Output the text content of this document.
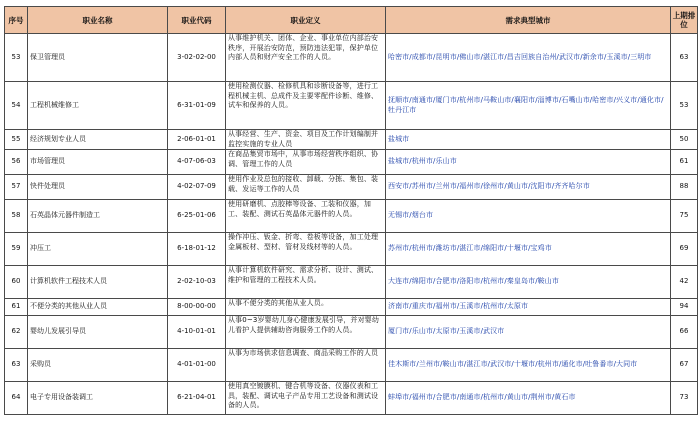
序号	职业名称	职业代码	职业定义	需求典型城市	上期排位
53	保卫管理员	3-02-02-00	从事维护机关、团体、企业、事业单位内部治安秩序，开展治安防范，预防违法犯罪，保护单位内部人员和财产安全工作的人员。	哈密市/成都市/昆明市/佛山市/湛江市/昌吉回族自治州/武汉市/新余市/玉溪市/三明市	63
54	工程机械维修工	6-31-01-09	使用检测仪器、检修机具和诊断设备等，进行工程机械主机、总成件及主要零配件诊断、维修、试车和保养的人员。	抚顺市/南通市/厦门市/杭州市/马鞍山市/襄阳市/淄博市/石嘴山市/哈密市/兴义市/通化市/牡丹江市	53
55	经济规划专业人员	2-06-01-01	从事经营、生产、资金、项目及工作计划编制并监控实施的专业人员	盐城市	50
56	市场管理员	4-07-06-03	在商品集贸市场中，从事市场经营秩序组织、协调、管理工作的人员	盐城市/杭州市/乐山市	61
57	快件处理员	4-02-07-09	使用作业及总包的接收、卸载、分拣、集包、装载、发运等工作的人员	西安市/苏州市/兰州市/福州市/徐州市/黄山市/沈阳市/齐齐哈尔市	88
58	石英晶体元器件制造工	6-25-01-06	使用研磨机、点胶棒等设备、工装和仪器，加工、装配、测试石英晶体元器件的人员。	无锡市/烟台市	75
59	冲压工	6-18-01-12	操作冲压、钣金、折弯、卷板等设备，加工处理金属板材、型材、管材及线材等的人员。	苏州市/杭州市/潍坊市/湛江市/绵阳市/十堰市/宝鸡市	69
60	计算机软件工程技术人员	2-02-10-03	从事计算机软件研究、需求分析、设计、测试、维护和管理的工程技术人员。	大连市/绵阳市/合肥市/洛阳市/杭州市/秦皇岛市/鞍山市	42
61	不便分类的其他从业人员	8-00-00-00	从事不便分类的其他从业人员。	济南市/重庆市/福州市/玉溪市/杭州市/太原市	94
62	婴幼儿发展引导员	4-10-01-01	从事0~3岁婴幼儿身心健康发展引导，并对婴幼儿看护人提供辅助咨询服务工作的人员。	厦门市/乐山市/太原市/玉溪市/武汉市	66
63	采购员	4-01-01-00	从事为市场供求信息调查、商品采购工作的人员	佳木斯市/兰州市/鞍山市/湛江市/武汉市/十堰市/杭州市/通化市/吐鲁番市/大同市	67
64	电子专用设备装调工	6-21-04-01	使用真空镀膜机、键合机等设备、仪器仪表和工具，装配、调试电子产品专用工艺设备和测试设备的人员。	蚌埠市/福州市/合肥市/南通市/杭州市/黄山市/荆州市/黄石市	73
